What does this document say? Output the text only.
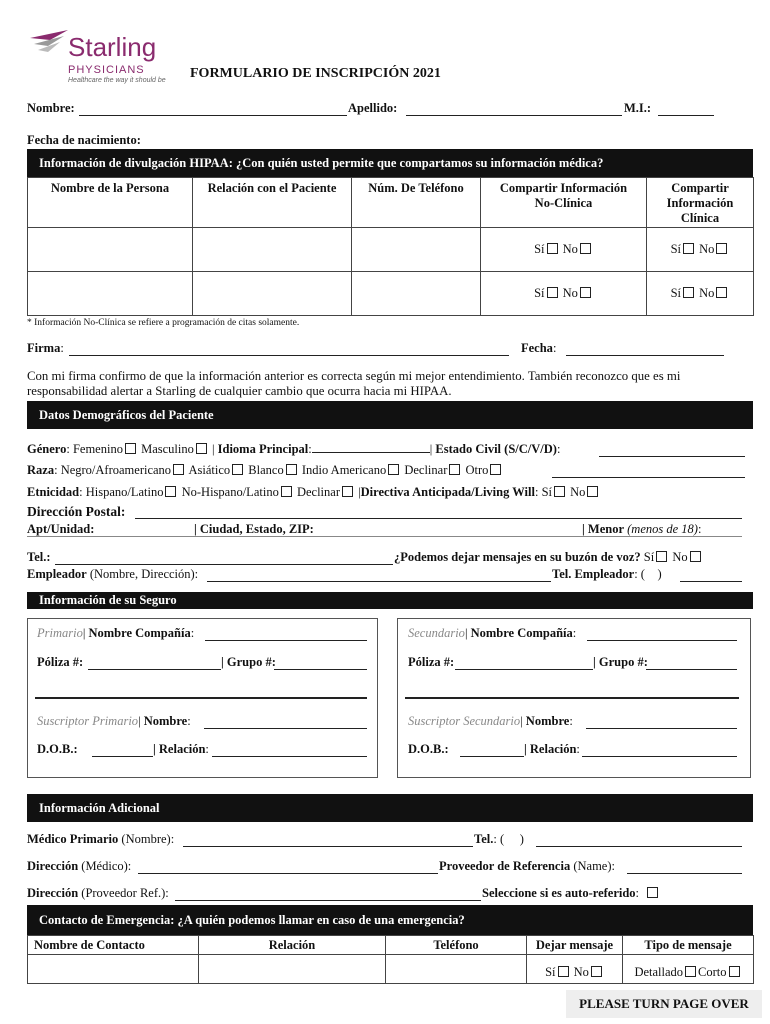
Starling
PHYSICIANS
Healthcare the way it should be FORMULARIO DE INSCRIPCIÓN 2021
Nombre:	Apellido:	M.I.:
Fecha de nacimiento:
Información de divulgación HIPAA: ¿Con quién usted permite que compartamos su información médica?
Nombre de la Persona	Relación con el Paciente	Núm. De Teléfono	Compartir Información No-Clínica	Compartir Información Clínica
			Sí No	Sí No
			Sí No	Sí No
* Información No-Clínica se refiere a programación de citas solamente.
Firma:	Fecha:
Con mi firma confirmo de que la información anterior es correcta según mi mejor entendimiento. También reconozco que es mi responsabilidad alertar a Starling de cualquier cambio que ocurra hacia mi HIPAA.
Datos Demográficos del Paciente
Género: Femenino Masculino | Idioma Principal:	| Estado Civil (S/C/V/D):
Raza: Negro/Afroamericano Asiático Blanco Indio Americano Declinar Otro
Etnicidad: Hispano/Latino No-Hispano/Latino Declinar |Directiva Anticipada/Living Will: Sí No
Dirección Postal:
Apt/Unidad:	| Ciudad, Estado, ZIP:	| Menor (menos de 18):
Tel.:	¿Podemos dejar mensajes en su buzón de voz? Sí No
Empleador (Nombre, Dirección):	Tel. Empleador: (    )
Información de su Seguro
Primario| Nombre Compañía:
Póliza #:	| Grupo #:
Suscriptor Primario| Nombre:
D.O.B.:	| Relación:
Secundario| Nombre Compañía:
Póliza #:	| Grupo #:
Suscriptor Secundario| Nombre:
D.O.B.:	| Relación:
Información Adicional
Médico Primario (Nombre):	Tel.: (     )
Dirección (Médico):	Proveedor de Referencia (Name):
Dirección (Proveedor Ref.):	Seleccione si es auto-referido:
Contacto de Emergencia: ¿A quién podemos llamar en caso de una emergencia?
Nombre de Contacto	Relación	Teléfono	Dejar mensaje	Tipo de mensaje
			Sí No	Detallado Corto
PLEASE TURN PAGE OVER
